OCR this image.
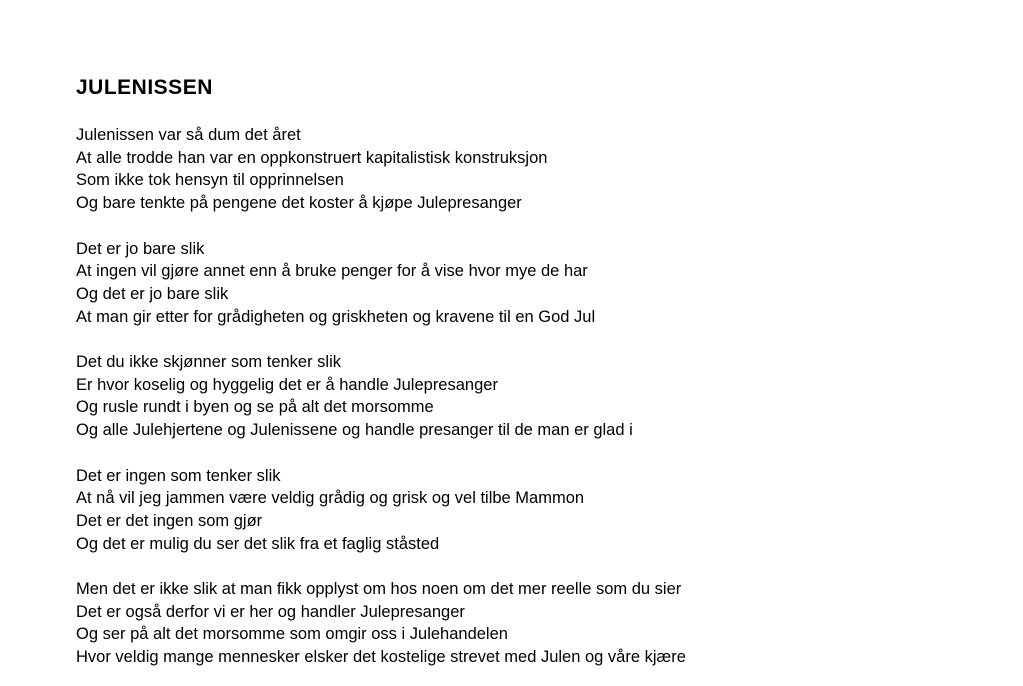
JULENISSEN

Julenissen var så dum det året

At alle trodde han var en oppkonstruert kapitalistisk konstruksjon

Som ikke tok hensyn til opprinnelsen

Og bare tenkte på pengene det koster å kjøpe Julepresanger

Det er jo bare slik

At ingen vil gjøre annet enn å bruke penger for å vise hvor mye de har

Og det er jo bare slik

At man gir etter for grådigheten og griskheten og kravene til en God Jul

Det du ikke skjønner som tenker slik

Er hvor koselig og hyggelig det er å handle Julepresanger

Og rusle rundt i byen og se på alt det morsomme

Og alle Julehjertene og Julenissene og handle presanger til de man er glad i

Det er ingen som tenker slik

At nå vil jeg jammen være veldig grådig og grisk og vel tilbe Mammon

Det er det ingen som gjør

Og det er mulig du ser det slik fra et faglig ståsted

Men det er ikke slik at man fikk opplyst om hos noen om det mer reelle som du sier

Det er også derfor vi er her og handler Julepresanger

Og ser på alt det morsomme som omgir oss i Julehandelen

Hvor veldig mange mennesker elsker det kostelige strevet med Julen og våre kjære
